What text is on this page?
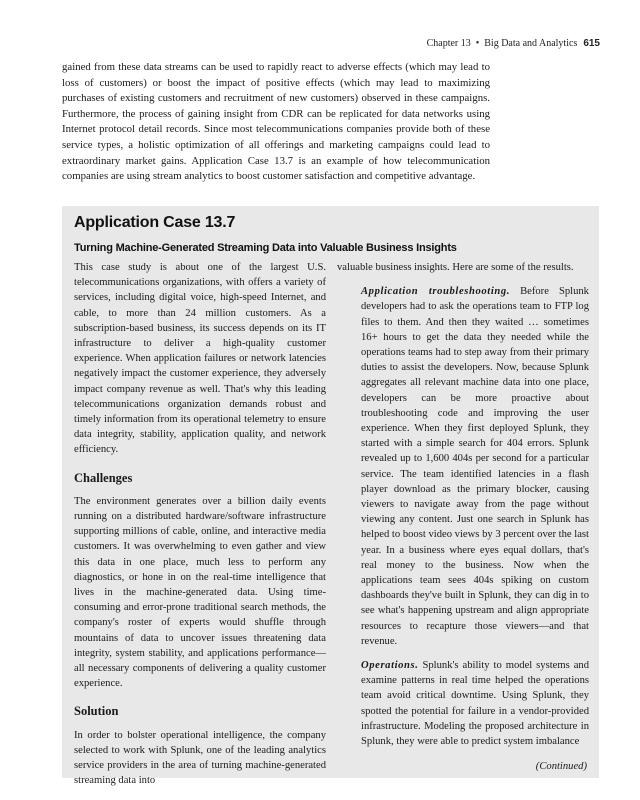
Chapter 13 • Big Data and Analytics 615

gained from these data streams can be used to rapidly react to adverse effects (which may lead to loss of customers) or boost the impact of positive effects (which may lead to maximizing purchases of existing customers and recruitment of new customers) observed in these campaigns. Furthermore, the process of gaining insight from CDR can be replicated for data networks using Internet protocol detail records. Since most telecommunications companies provide both of these service types, a holistic optimization of all offerings and marketing campaigns could lead to extraordinary market gains. Application Case 13.7 is an example of how telecommunication companies are using stream analytics to boost customer satisfaction and competitive advantage.

Application Case 13.7
Turning Machine-Generated Streaming Data into Valuable Business Insights

This case study is about one of the largest U.S. telecommunications organizations, with offers a variety of services, including digital voice, high-speed Internet, and cable, to more than 24 million customers. As a subscription-based business, its success depends on its IT infrastructure to deliver a high-quality customer experience. When application failures or network latencies negatively impact the customer experience, they adversely impact company revenue as well. That's why this leading telecommunications organization demands robust and timely information from its operational telemetry to ensure data integrity, stability, application quality, and network efficiency.

Challenges

The environment generates over a billion daily events running on a distributed hardware/software infrastructure supporting millions of cable, online, and interactive media customers. It was overwhelming to even gather and view this data in one place, much less to perform any diagnostics, or hone in on the real-time intelligence that lives in the machine-generated data. Using time-consuming and error-prone traditional search methods, the company's roster of experts would shuffle through mountains of data to uncover issues threatening data integrity, system stability, and applications performance—all necessary components of delivering a quality customer experience.

Solution

In order to bolster operational intelligence, the company selected to work with Splunk, one of the leading analytics service providers in the area of turning machine-generated streaming data into

valuable business insights. Here are some of the results.

Application troubleshooting. Before Splunk developers had to ask the operations team to FTP log files to them. And then they waited … sometimes 16+ hours to get the data they needed while the operations teams had to step away from their primary duties to assist the developers. Now, because Splunk aggregates all relevant machine data into one place, developers can be more proactive about troubleshooting code and improving the user experience. When they first deployed Splunk, they started with a simple search for 404 errors. Splunk revealed up to 1,600 404s per second for a particular service. The team identified latencies in a flash player download as the primary blocker, causing viewers to navigate away from the page without viewing any content. Just one search in Splunk has helped to boost video views by 3 percent over the last year. In a business where eyes equal dollars, that's real money to the business. Now when the applications team sees 404s spiking on custom dashboards they've built in Splunk, they can dig in to see what's happening upstream and align appropriate resources to recapture those viewers—and that revenue.

Operations. Splunk's ability to model systems and examine patterns in real time helped the operations team avoid critical downtime. Using Splunk, they spotted the potential for failure in a vendor-provided infrastructure. Modeling the proposed architecture in Splunk, they were able to predict system imbalance

(Continued)
